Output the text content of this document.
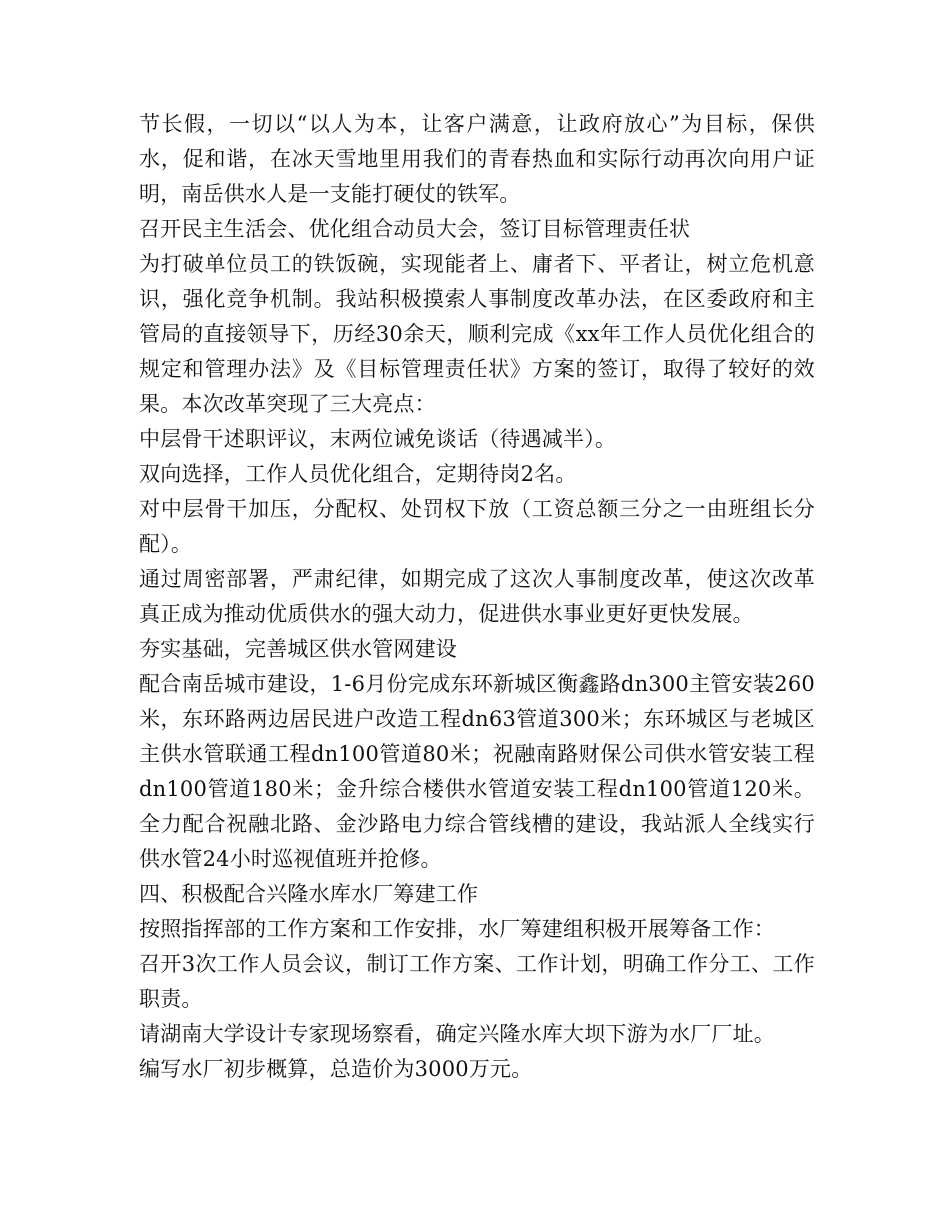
节长假，一切以“以人为本，让客户满意，让政府放心”为目标，保供水，促和谐，在冰天雪地里用我们的青春热血和实际行动再次向用户证明，南岳供水人是一支能打硬仗的铁军。

召开民主生活会、优化组合动员大会，签订目标管理责任状

为打破单位员工的铁饭碗，实现能者上、庸者下、平者让，树立危机意识，强化竞争机制。我站积极摸索人事制度改革办法，在区委政府和主管局的直接领导下，历经30余天，顺利完成《xx年工作人员优化组合的规定和管理办法》及《目标管理责任状》方案的签订，取得了较好的效果。本次改革突现了三大亮点：

中层骨干述职评议，末两位诫免谈话（待遇减半）。

双向选择，工作人员优化组合，定期待岗2名。

对中层骨干加压，分配权、处罚权下放（工资总额三分之一由班组长分配）。

通过周密部署，严肃纪律，如期完成了这次人事制度改革，使这次改革真正成为推动优质供水的强大动力，促进供水事业更好更快发展。

夯实基础，完善城区供水管网建设

配合南岳城市建设，1-6月份完成东环新城区衡鑫路dn300主管安装260米，东环路两边居民进户改造工程dn63管道300米；东环城区与老城区主供水管联通工程dn100管道80米；祝融南路财保公司供水管安装工程dn100管道180米；金升综合楼供水管道安装工程dn100管道120米。全力配合祝融北路、金沙路电力综合管线槽的建设，我站派人全线实行供水管24小时巡视值班并抢修。

四、积极配合兴隆水库水厂筹建工作

按照指挥部的工作方案和工作安排，水厂筹建组积极开展筹备工作：

召开3次工作人员会议，制订工作方案、工作计划，明确工作分工、工作职责。

请湖南大学设计专家现场察看，确定兴隆水库大坝下游为水厂厂址。

编写水厂初步概算，总造价为3000万元。
